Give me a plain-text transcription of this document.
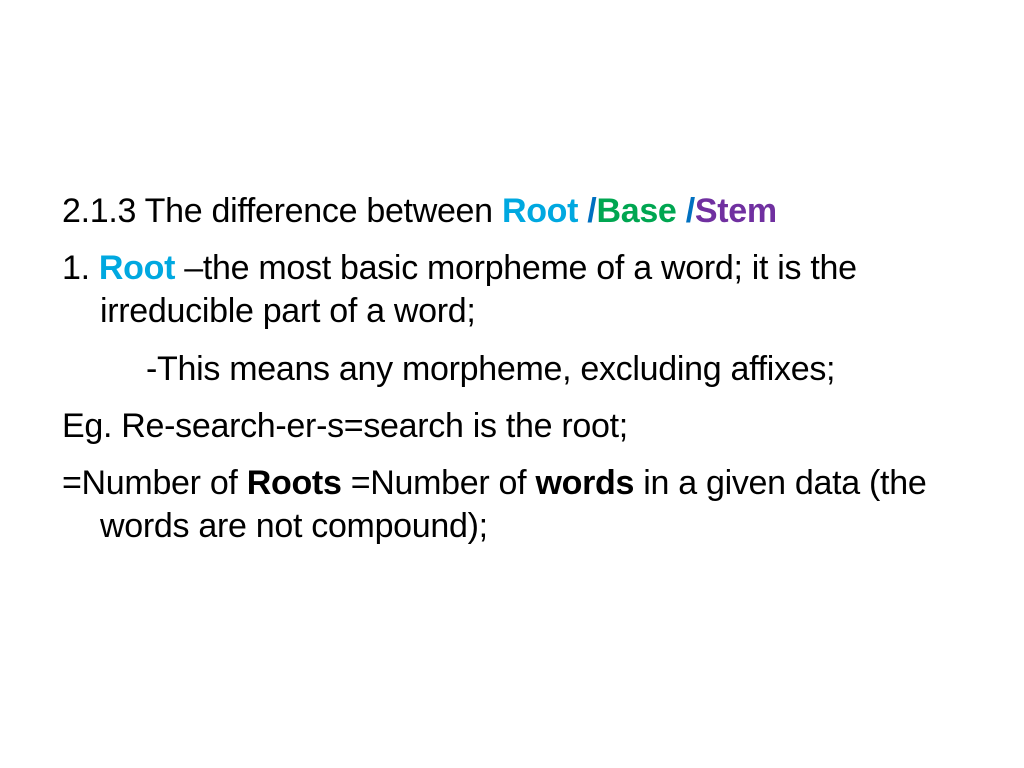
2.1.3 The difference between Root /Base /Stem
1. Root –the most basic morpheme of a word; it is the irreducible part of a word;
-This means any morpheme, excluding affixes;
Eg. Re-search-er-s=search is the root;
=Number of Roots =Number of words in a given data (the words are not compound);
